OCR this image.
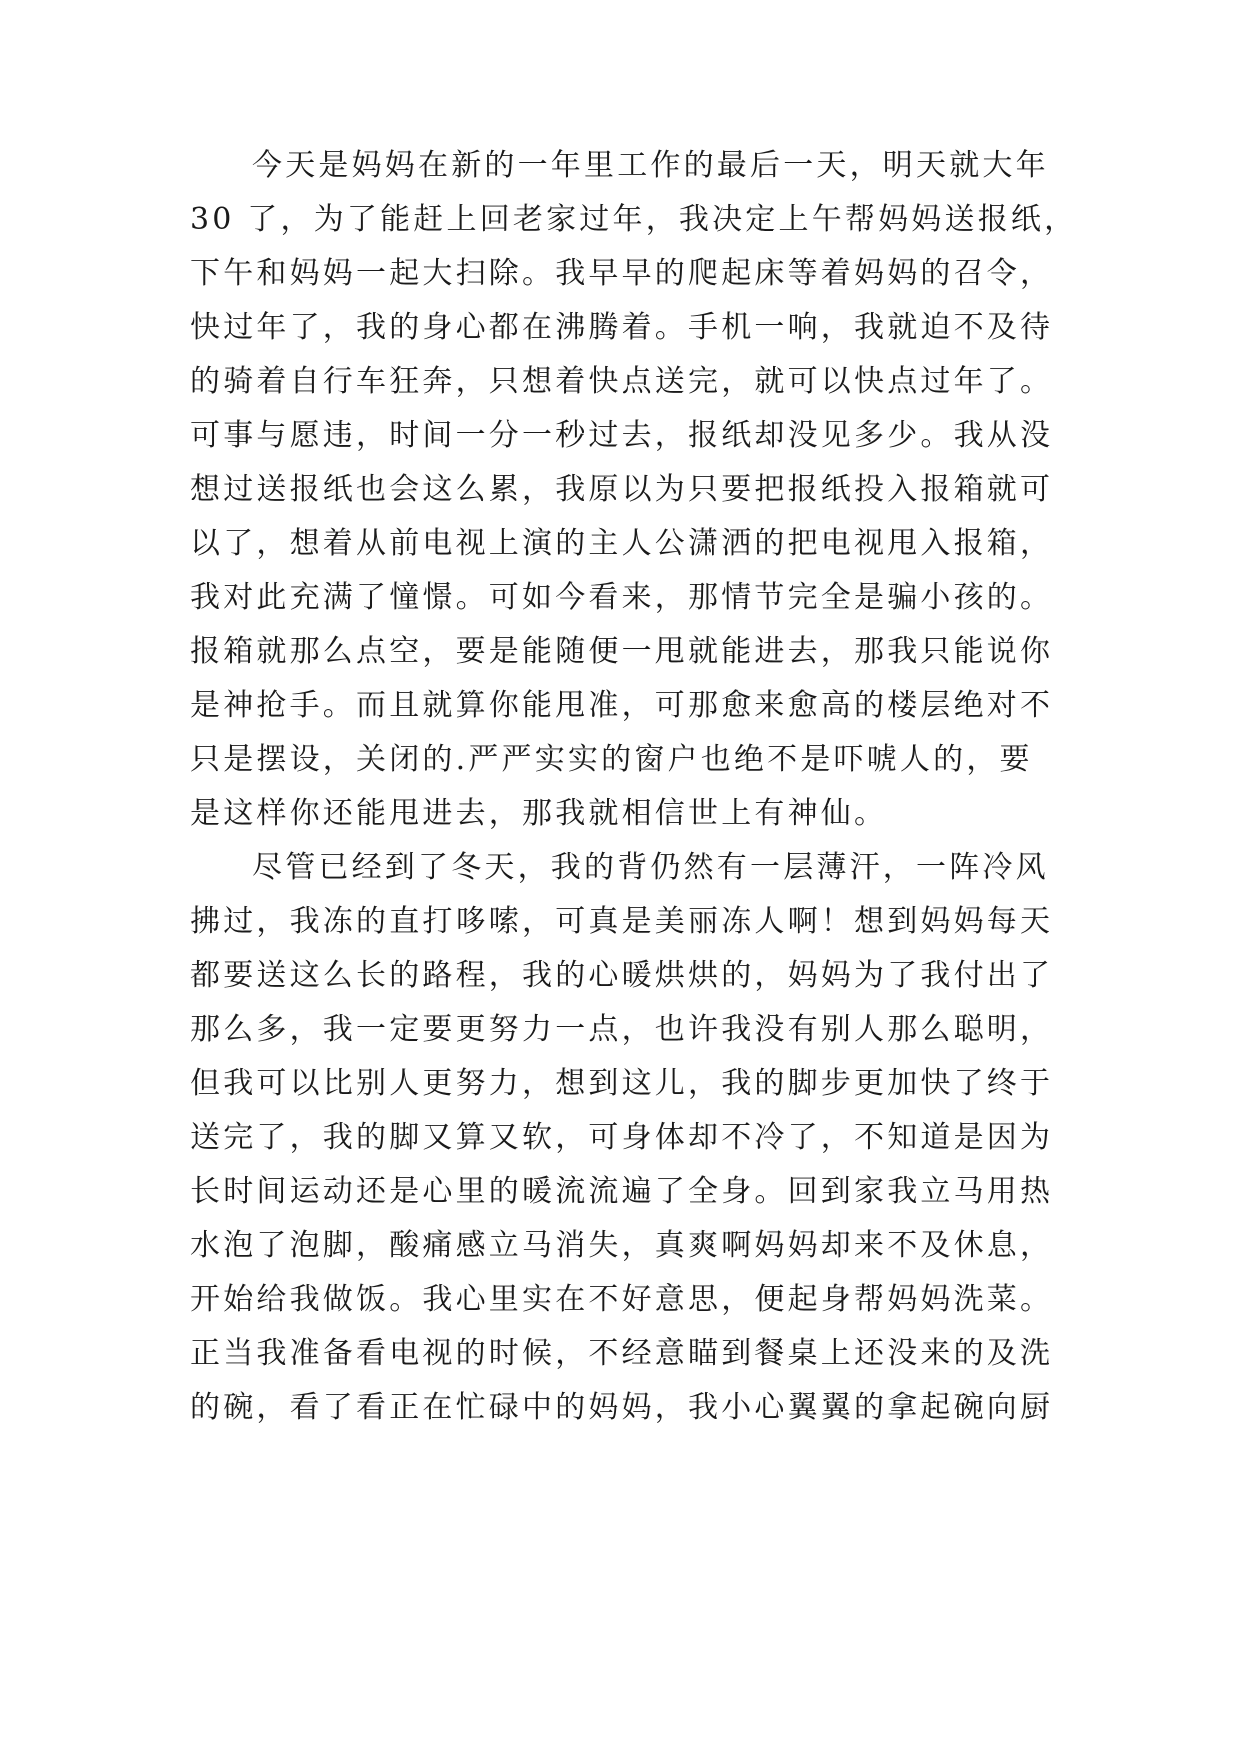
今天是妈妈在新的一年里工作的最后一天，明天就大年
30 了，为了能赶上回老家过年，我决定上午帮妈妈送报纸，
下午和妈妈一起大扫除。我早早的爬起床等着妈妈的召令，
快过年了，我的身心都在沸腾着。手机一响，我就迫不及待
的骑着自行车狂奔，只想着快点送完，就可以快点过年了。
可事与愿违，时间一分一秒过去，报纸却没见多少。我从没
想过送报纸也会这么累，我原以为只要把报纸投入报箱就可
以了，想着从前电视上演的主人公潇洒的把电视甩入报箱，
我对此充满了憧憬。可如今看来，那情节完全是骗小孩的。
报箱就那么点空，要是能随便一甩就能进去，那我只能说你
是神抢手。而且就算你能甩准，可那愈来愈高的楼层绝对不
只是摆设，关闭的.严严实实的窗户也绝不是吓唬人的，要
是这样你还能甩进去，那我就相信世上有神仙。
尽管已经到了冬天，我的背仍然有一层薄汗，一阵冷风
拂过，我冻的直打哆嗦，可真是美丽冻人啊！想到妈妈每天
都要送这么长的路程，我的心暖烘烘的，妈妈为了我付出了
那么多，我一定要更努力一点，也许我没有别人那么聪明，
但我可以比别人更努力，想到这儿，我的脚步更加快了终于
送完了，我的脚又算又软，可身体却不冷了，不知道是因为
长时间运动还是心里的暖流流遍了全身。回到家我立马用热
水泡了泡脚，酸痛感立马消失，真爽啊妈妈却来不及休息，
开始给我做饭。我心里实在不好意思，便起身帮妈妈洗菜。
正当我准备看电视的时候，不经意瞄到餐桌上还没来的及洗
的碗，看了看正在忙碌中的妈妈，我小心翼翼的拿起碗向厨
